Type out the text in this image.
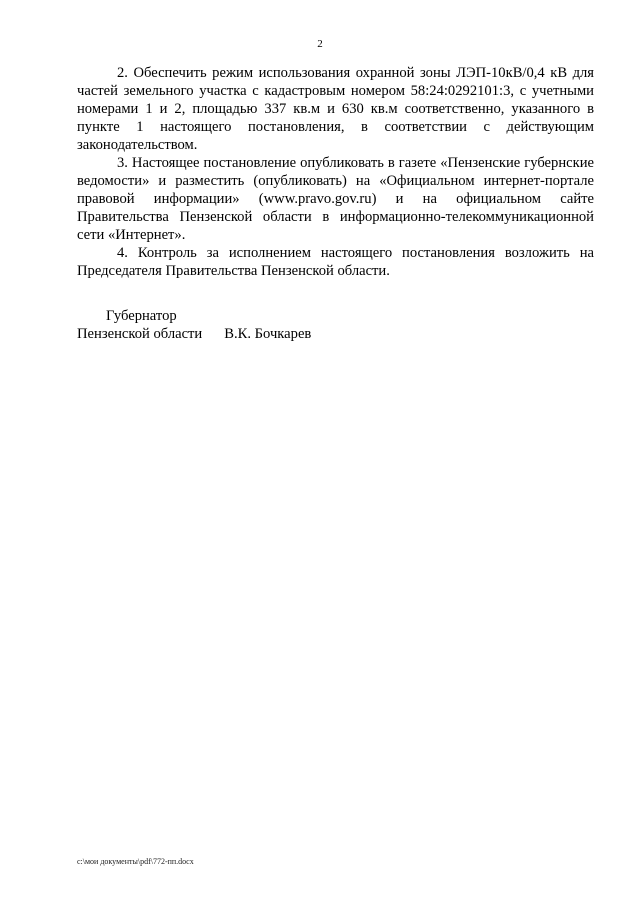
2

2. Обеспечить режим использования охранной зоны ЛЭП-10кВ/0,4 кВ для частей земельного участка с кадастровым номером 58:24:0292101:3, с учетными номерами 1 и 2, площадью 337 кв.м и 630 кв.м соответственно, указанного в пункте 1 настоящего постановления, в соответствии с действующим законодательством.

3. Настоящее постановление опубликовать в газете «Пензенские губернские ведомости» и разместить (опубликовать) на «Официальном интернет-портале правовой информации» (www.pravo.gov.ru) и на официальном сайте Правительства Пензенской области в информационно-телекоммуникационной сети «Интернет».

4. Контроль за исполнением настоящего постановления возложить на Председателя Правительства Пензенской области.

Губернатор
Пензенской области В.К. Бочкарев
c:\мои документы\pdf\772-пп.docx
